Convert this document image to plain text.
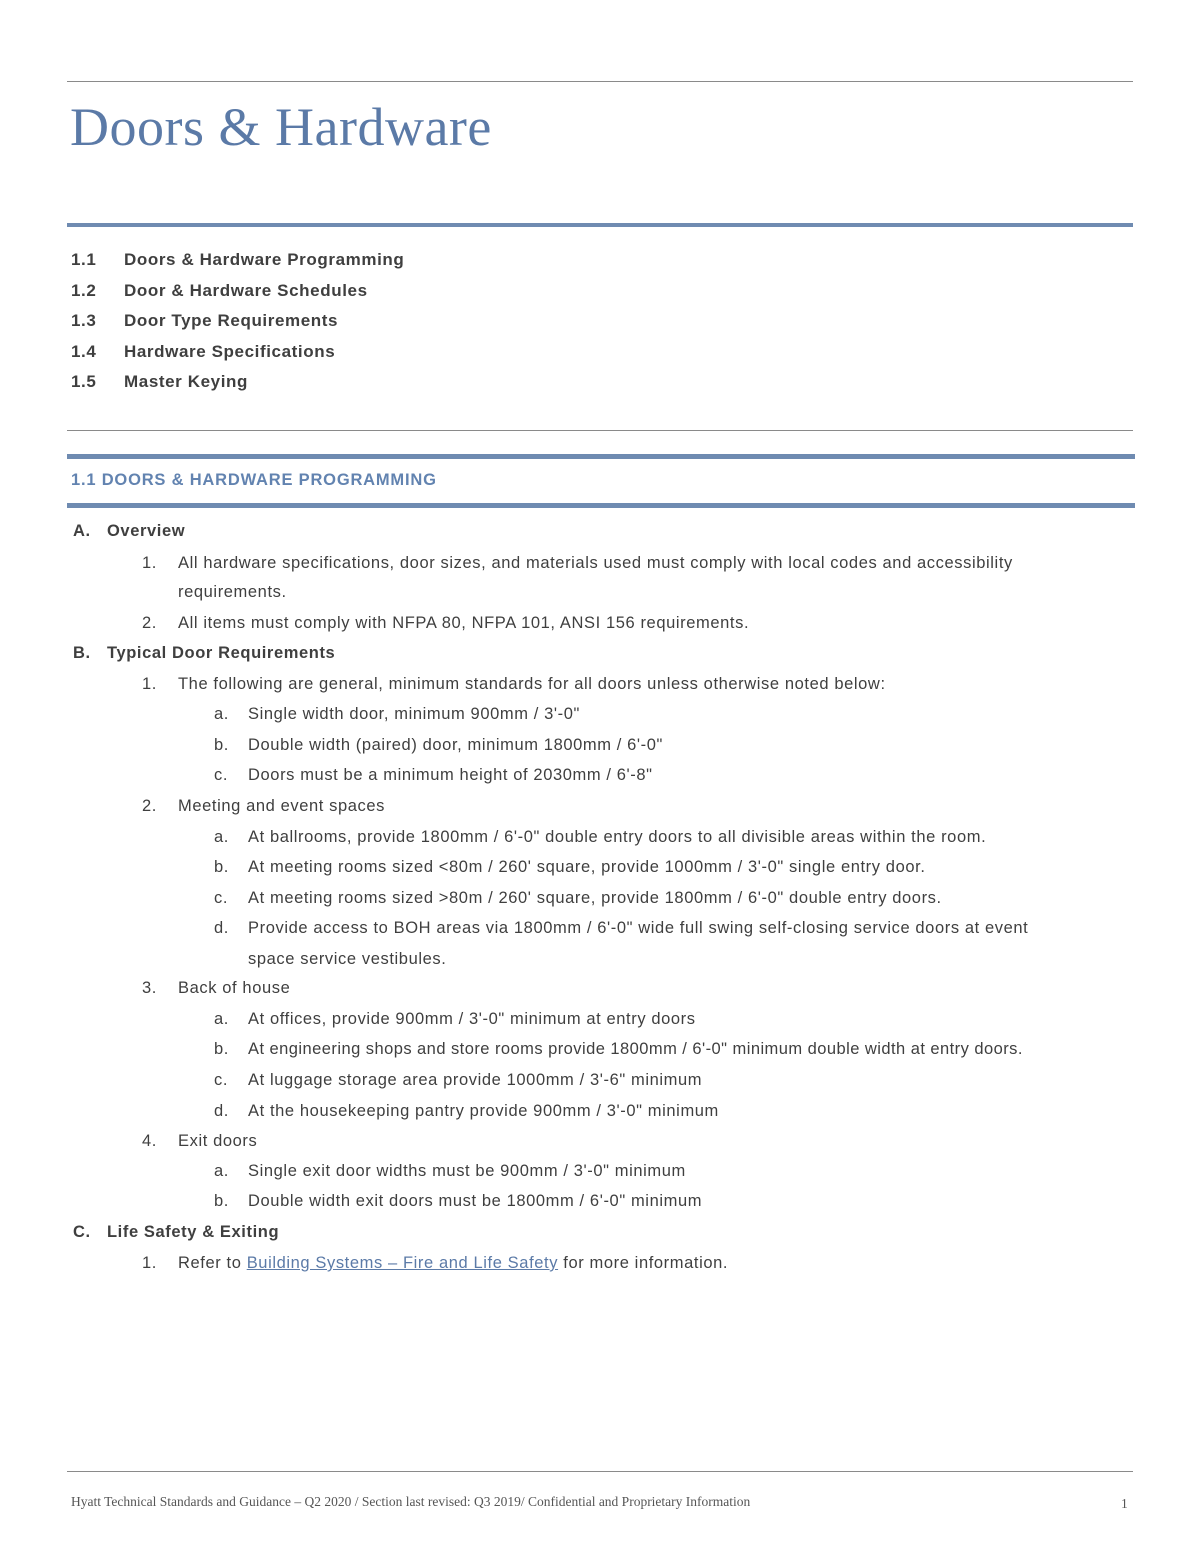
Doors & Hardware
1.1 Doors & Hardware Programming
1.2 Door & Hardware Schedules
1.3 Door Type Requirements
1.4 Hardware Specifications
1.5 Master Keying
1.1 DOORS & HARDWARE PROGRAMMING
A. Overview
1. All hardware specifications, door sizes, and materials used must comply with local codes and accessibility
requirements.
2. All items must comply with NFPA 80, NFPA 101, ANSI 156 requirements.
B. Typical Door Requirements
1. The following are general, minimum standards for all doors unless otherwise noted below:
a. Single width door, minimum 900mm / 3'-0"
b. Double width (paired) door, minimum 1800mm / 6'-0"
c. Doors must be a minimum height of 2030mm / 6'-8"
2. Meeting and event spaces
a. At ballrooms, provide 1800mm / 6'-0" double entry doors to all divisible areas within the room.
b. At meeting rooms sized <80m / 260' square, provide 1000mm / 3'-0" single entry door.
c. At meeting rooms sized >80m / 260' square, provide 1800mm / 6'-0" double entry doors.
d. Provide access to BOH areas via 1800mm / 6'-0" wide full swing self-closing service doors at event
space service vestibules.
3. Back of house
a. At offices, provide 900mm / 3'-0" minimum at entry doors
b. At engineering shops and store rooms provide 1800mm / 6'-0" minimum double width at entry doors.
c. At luggage storage area provide 1000mm / 3'-6" minimum
d. At the housekeeping pantry provide 900mm / 3'-0" minimum
4. Exit doors
a. Single exit door widths must be 900mm / 3'-0" minimum
b. Double width exit doors must be 1800mm / 6'-0" minimum
C. Life Safety & Exiting
1. Refer to Building Systems – Fire and Life Safety for more information.
Hyatt Technical Standards and Guidance – Q2 2020 / Section last revised: Q3 2019/ Confidential and Proprietary Information	1
